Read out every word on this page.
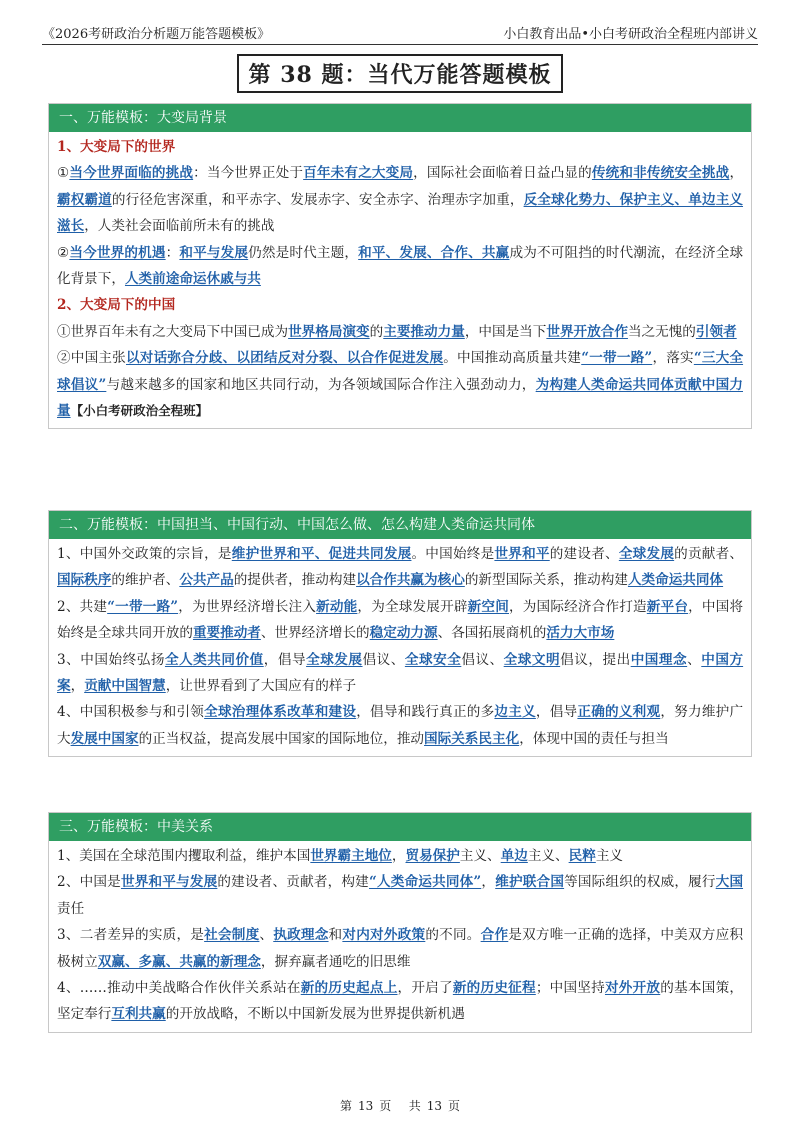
《2026考研政治分析题万能答题模板》	小白教育出品•小白考研政治全程班内部讲义
第 38 题：当代万能答题模板
一、万能模板：大变局背景

1、大变局下的世界

①当今世界面临的挑战：当今世界正处于百年未有之大变局，国际社会面临着日益凸显的传统和非传统安全挑战，霸权霸道的行径危害深重，和平赤字、发展赤字、安全赤字、治理赤字加重，反全球化势力、保护主义、单边主义滋长，人类社会面临前所未有的挑战

②当今世界的机遇：和平与发展仍然是时代主题，和平、发展、合作、共赢成为不可阻挡的时代潮流，在经济全球化背景下，人类前途命运休戚与共

2、大变局下的中国

①世界百年未有之大变局下中国已成为世界格局演变的主要推动力量，中国是当下世界开放合作当之无愧的引领者

②中国主张以对话弥合分歧、以团结反对分裂、以合作促进发展。中国推动高质量共建“一带一路”，落实“三大全球倡议”与越来越多的国家和地区共同行动，为各领域国际合作注入强劲动力，为构建人类命运共同体贡献中国力量【小白考研政治全程班】

二、万能模板：中国担当、中国行动、中国怎么做、怎么构建人类命运共同体

1、中国外交政策的宗旨，是维护世界和平、促进共同发展。中国始终是世界和平的建设者、全球发展的贡献者、国际秩序的维护者、公共产品的提供者，推动构建以合作共赢为核心的新型国际关系，推动构建人类命运共同体

2、共建“一带一路”，为世界经济增长注入新动能，为全球发展开辟新空间，为国际经济合作打造新平台，中国将始终是全球共同开放的重要推动者、世界经济增长的稳定动力源、各国拓展商机的活力大市场

3、中国始终弘扬全人类共同价值，倡导全球发展倡议、全球安全倡议、全球文明倡议，提出中国理念、中国方案，贡献中国智慧，让世界看到了大国应有的样子

4、中国积极参与和引领全球治理体系改革和建设，倡导和践行真正的多边主义，倡导正确的义利观，努力维护广大发展中国家的正当权益，提高发展中国家的国际地位，推动国际关系民主化，体现中国的责任与担当

三、万能模板：中美关系

1、美国在全球范围内攫取利益，维护本国世界霸主地位，贸易保护主义、单边主义、民粹主义

2、中国是世界和平与发展的建设者、贡献者，构建“人类命运共同体”，维护联合国等国际组织的权威，履行大国责任

3、二者差异的实质，是社会制度、执政理念和对内对外政策的不同。合作是双方唯一正确的选择，中美双方应积极树立双赢、多赢、共赢的新理念，摒弃赢者通吃的旧思维

4、……推动中美战略合作伙伴关系站在新的历史起点上，开启了新的历史征程；中国坚持对外开放的基本国策，坚定奉行互利共赢的开放战略，不断以中国新发展为世界提供新机遇

第 13 页 共 13 页
